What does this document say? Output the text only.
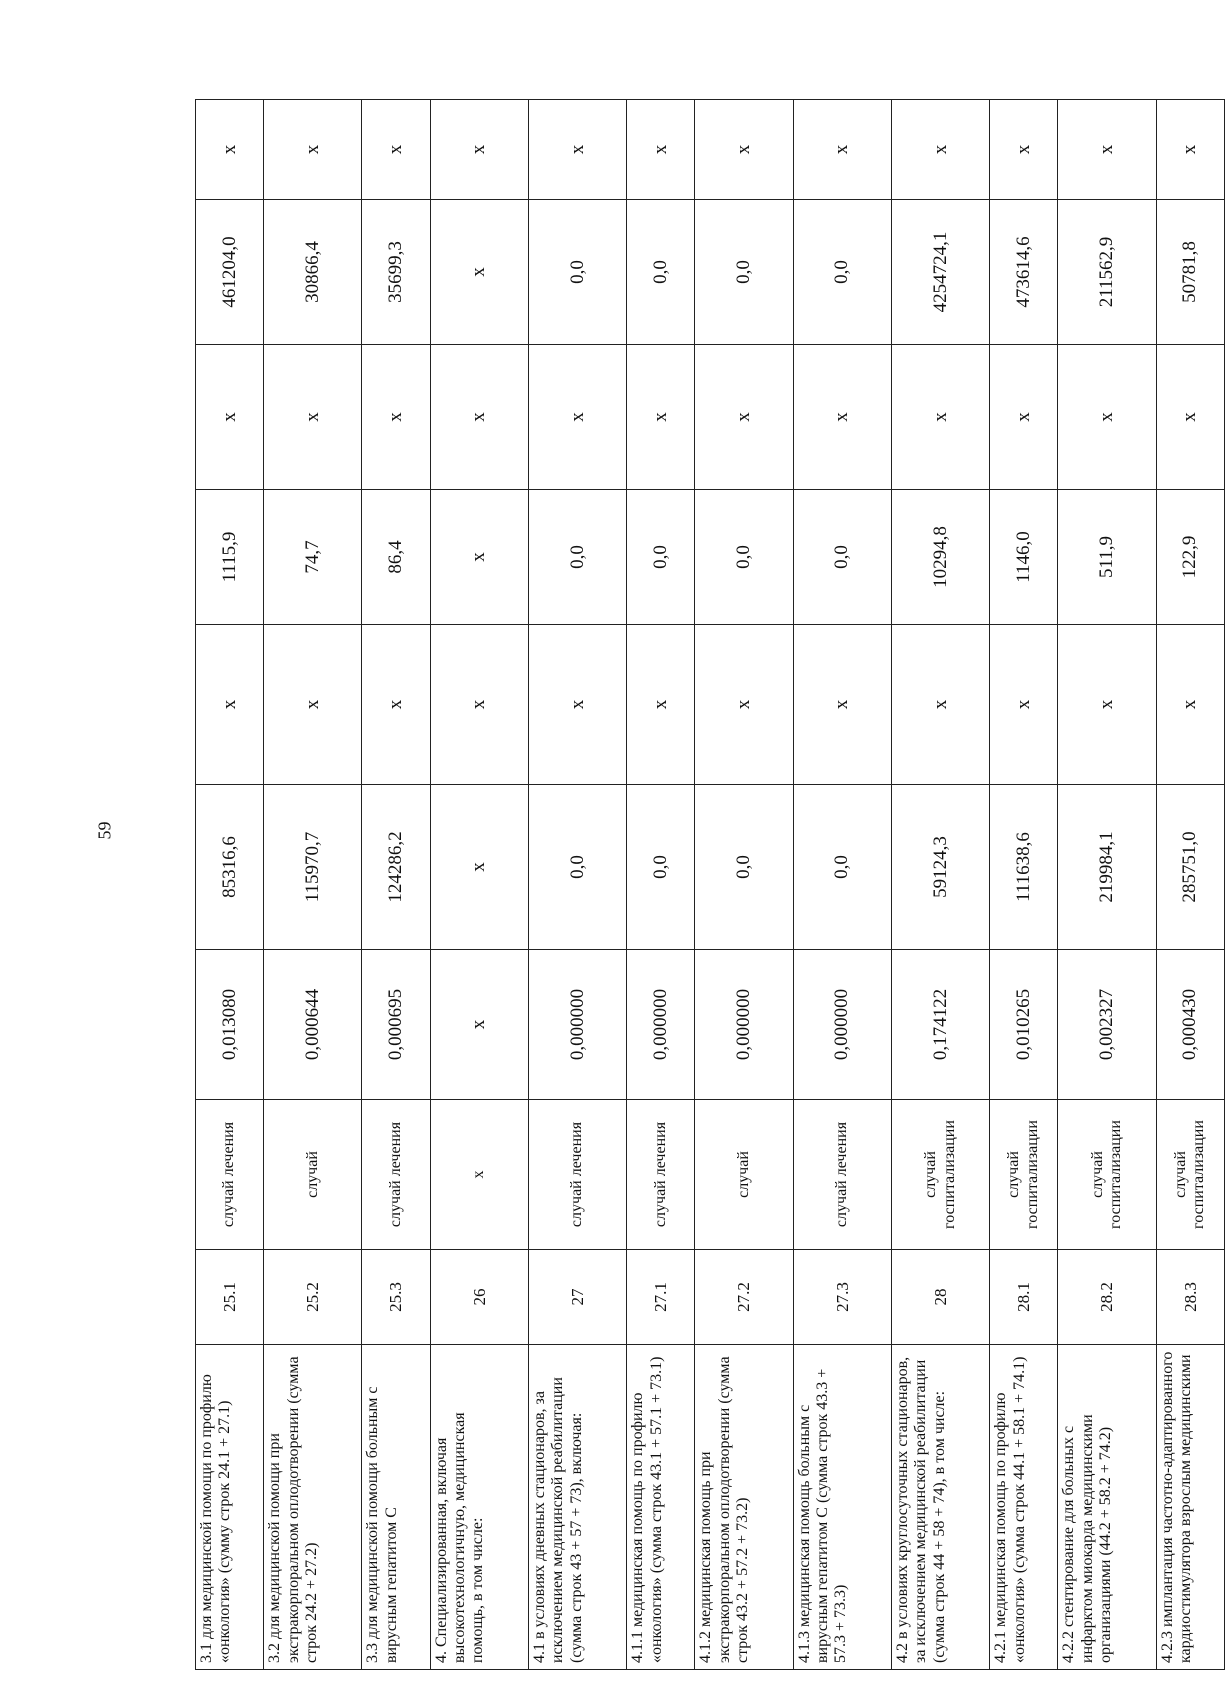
59
3.1 для медицинской помощи по профилю «онкология» (сумму строк 24.1 + 27.1)	25.1	случай лечения	0,013080	85316,6	х	1115,9	х	461204,0	х
3.2 для медицинской помощи при экстракорпоральном оплодотворении (сумма строк 24.2 + 27.2)	25.2	случай	0,000644	115970,7	х	74,7	х	30866,4	х
3.3 для медицинской помощи больным с вирусным гепатитом С	25.3	случай лечения	0,000695	124286,2	х	86,4	х	35699,3	х
4. Специализированная, включая высокотехнологичную, медицинская помощь, в том числе:	26	х	х	х	х	х	х	х	х
4.1 в условиях дневных стационаров, за исключением медицинской реабилитации (сумма строк 43 + 57 + 73), включая:	27	случай лечения	0,000000	0,0	х	0,0	х	0,0	х
4.1.1 медицинская помощь по профилю «онкология» (сумма строк 43.1 + 57.1 + 73.1)	27.1	случай лечения	0,000000	0,0	х	0,0	х	0,0	х
4.1.2 медицинская помощь при экстракорпоральном оплодотворении (сумма строк 43.2 + 57.2 + 73.2)	27.2	случай	0,000000	0,0	х	0,0	х	0,0	х
4.1.3 медицинская помощь больным с вирусным гепатитом С (сумма строк 43.3 + 57.3 + 73.3)	27.3	случай лечения	0,000000	0,0	х	0,0	х	0,0	х
4.2 в условиях круглосуточных стационаров, за исключением медицинской реабилитации (сумма строк 44 + 58 + 74), в том числе:	28	случай госпитализации	0,174122	59124,3	х	10294,8	х	4254724,1	х
4.2.1 медицинская помощь по профилю «онкология» (сумма строк 44.1 + 58.1 + 74.1)	28.1	случай госпитализации	0,010265	111638,6	х	1146,0	х	473614,6	х
4.2.2 стентирование для больных с инфарктом миокарда медицинскими организациями (44.2 + 58.2 + 74.2)	28.2	случай госпитализации	0,002327	219984,1	х	511,9	х	211562,9	х
4.2.3 имплантация частотно-адаптированного кардиостимулятора взрослым медицинскими	28.3	случай госпитализации	0,000430	285751,0	х	122,9	х	50781,8	х
